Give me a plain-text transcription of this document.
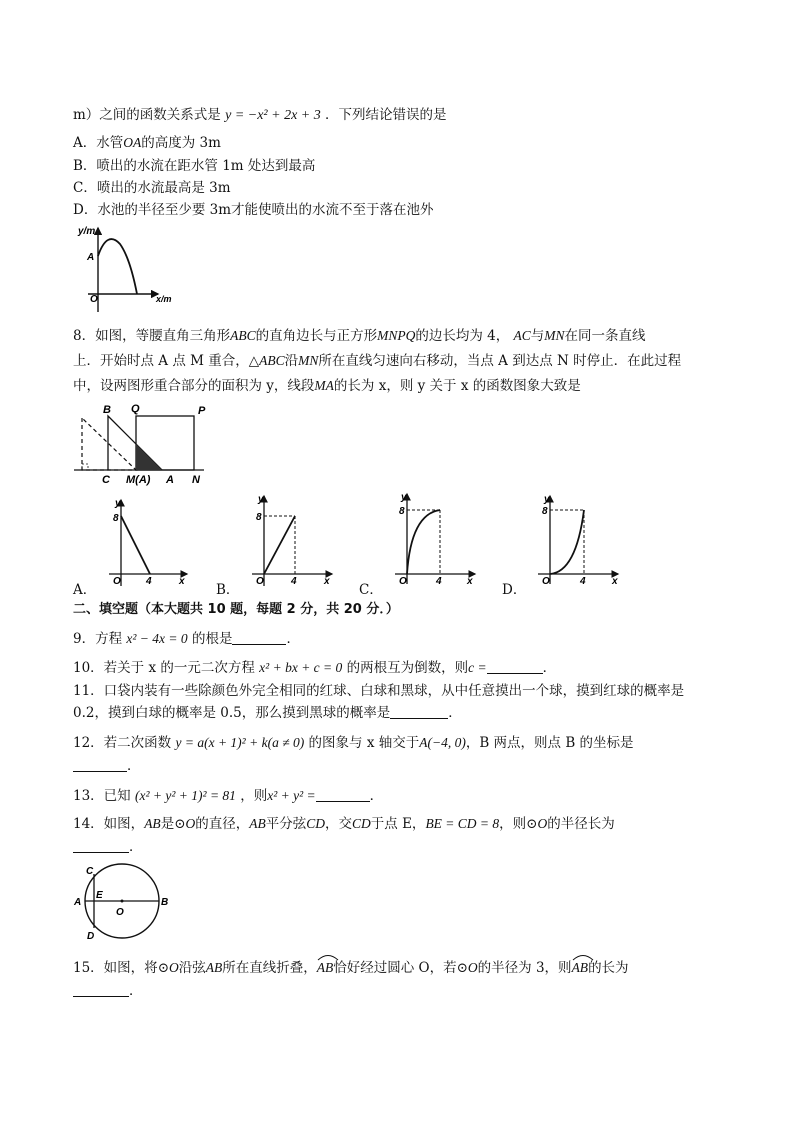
m）之间的函数关系式是 y = −x² + 2x + 3 ．下列结论错误的是
A．水管OA的高度为 3m
B．喷出的水流在距水管 1m 处达到最高
C．喷出的水流最高是 3m
D．水池的半径至少要 3m才能使喷出的水流不至于落在池外
y/m
x/m
A
O
8．如图，等腰直角三角形ABC的直角边长与正方形MNPQ的边长均为 4， AC与MN在同一条直线
上．开始时点 A 点 M 重合，△ABC沿MN所在直线匀速向右移动，当点 A 到达点 N 时停止．在此过程
中，设两图形重合部分的面积为 y，线段MA的长为 x，则 y 关于 x 的函数图象大致是
B Q	P
C M(A) A N
A．
y
8
O	4	x
B．
y
8
O	4	x
C．
y
8
O	4	x
D．
y
8
O	4	x
二、填空题（本大题共 10 题，每题 2 分，共 20 分．）
9．方程 x² − 4x = 0 的根是	．
10．若关于 x 的一元二次方程 x² + bx + c = 0 的两根互为倒数，则c =	．
11．口袋内装有一些除颜色外完全相同的红球、白球和黑球，从中任意摸出一个球，摸到红球的概率是
0.2，摸到白球的概率是 0.5，那么摸到黑球的概率是	．
12．若二次函数 y = a(x + 1)² + k(a ≠ 0) 的图象与 x 轴交于A(−4, 0)，B 两点，则点 B 的坐标是
．
13．已知 (x² + y² + 1)² = 81 ，则x² + y² =	．
14．如图，AB是⊙O的直径，AB平分弦CD，交CD于点 E，BE = CD = 8，则⊙O的半径长为
．
C
E
A
O
B
D
15．如图，将⊙O沿弦AB所在直线折叠，AB
恰好经过圆心 O，若⊙O的半径为 3，则AB
的长为
．
